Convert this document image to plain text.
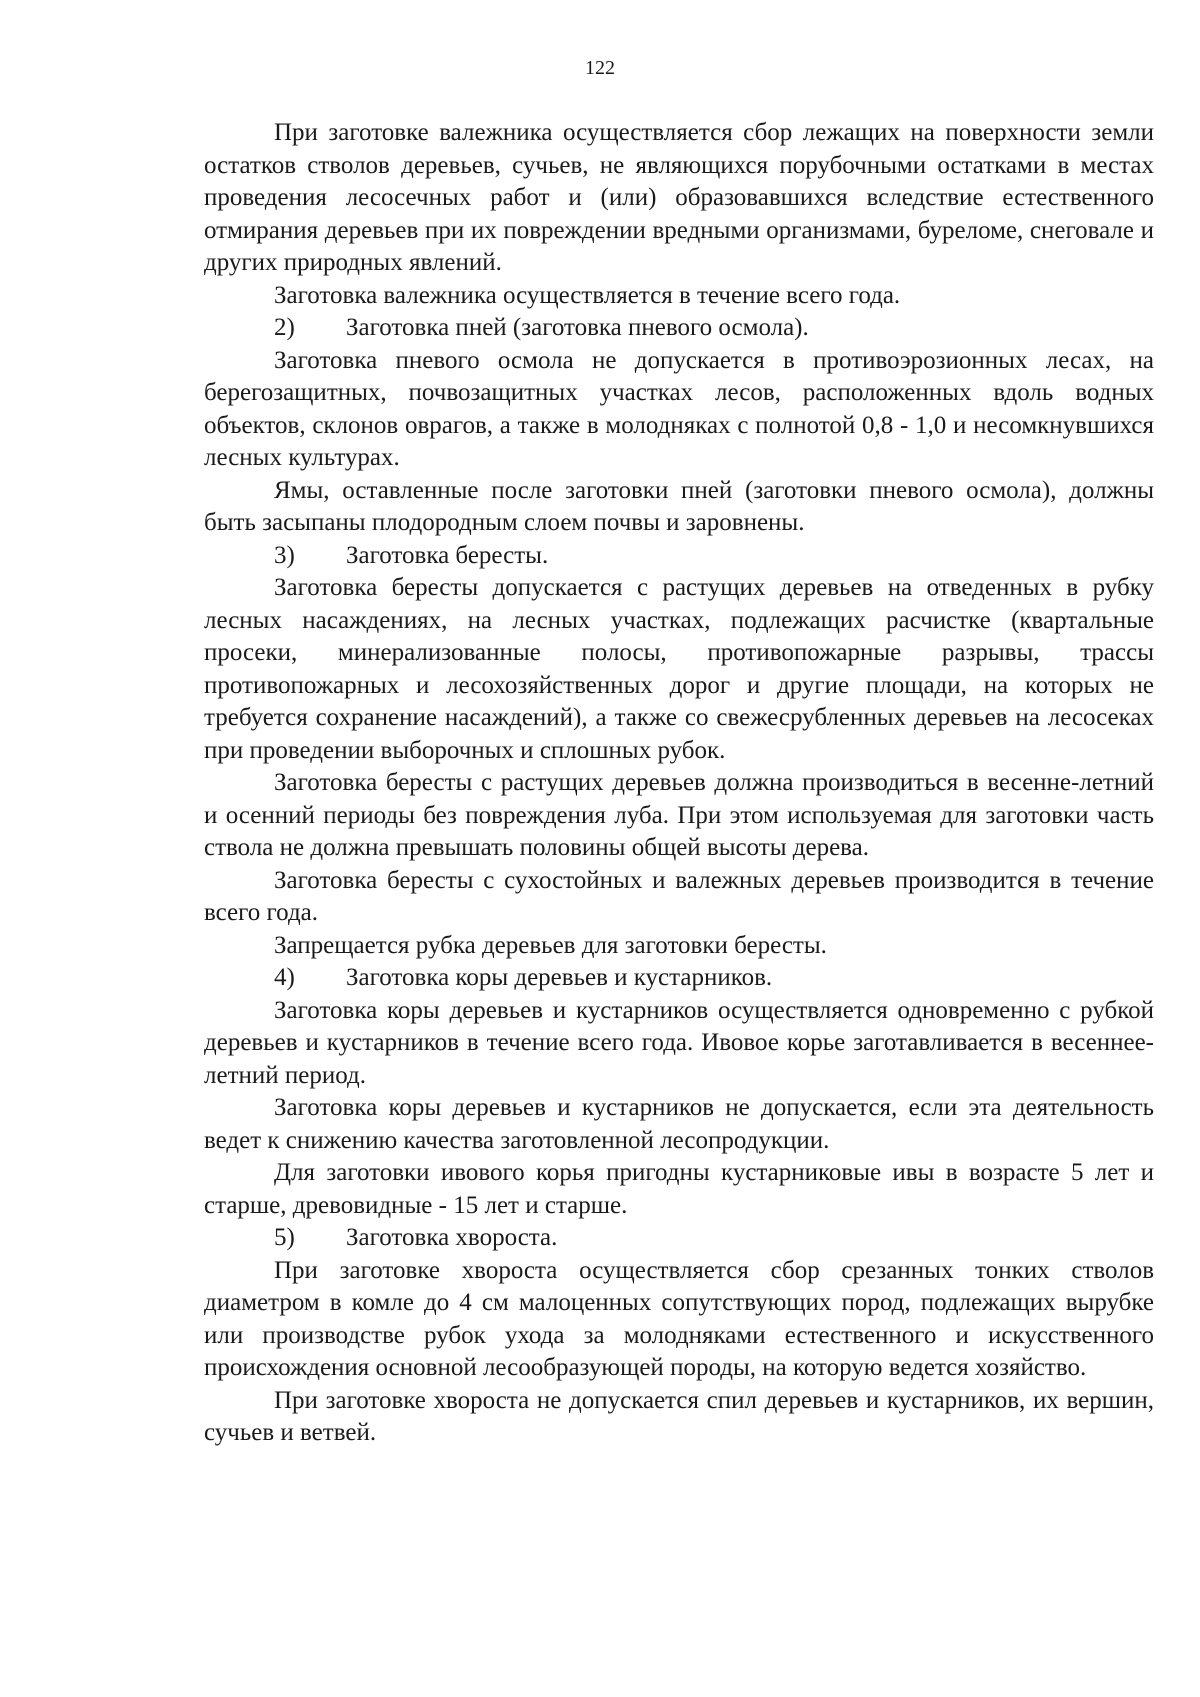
122

При заготовке валежника осуществляется сбор лежащих на поверхности земли остатков стволов деревьев, сучьев, не являющихся порубочными остатками в местах проведения лесосечных работ и (или) образовавшихся вследствие естественного отмирания деревьев при их повреждении вредными организмами, буреломе, снеговале и других природных явлений.

Заготовка валежника осуществляется в течение всего года.

2) Заготовка пней (заготовка пневого осмола).

Заготовка пневого осмола не допускается в противоэрозионных лесах, на берегозащитных, почвозащитных участках лесов, расположенных вдоль водных объектов, склонов оврагов, а также в молодняках с полнотой 0,8 - 1,0 и несомкнувшихся лесных культурах.

Ямы, оставленные после заготовки пней (заготовки пневого осмола), должны быть засыпаны плодородным слоем почвы и заровнены.

3) Заготовка бересты.

Заготовка бересты допускается с растущих деревьев на отведенных в рубку лесных насаждениях, на лесных участках, подлежащих расчистке (квартальные просеки, минерализованные полосы, противопожарные разрывы, трассы противопожарных и лесохозяйственных дорог и другие площади, на которых не требуется сохранение насаждений), а также со свежесрубленных деревьев на лесосеках при проведении выборочных и сплошных рубок.

Заготовка бересты с растущих деревьев должна производиться в весенне-летний и осенний периоды без повреждения луба. При этом используемая для заготовки часть ствола не должна превышать половины общей высоты дерева.

Заготовка бересты с сухостойных и валежных деревьев производится в течение всего года.

Запрещается рубка деревьев для заготовки бересты.

4) Заготовка коры деревьев и кустарников.

Заготовка коры деревьев и кустарников осуществляется одновременно с рубкой деревьев и кустарников в течение всего года. Ивовое корье заготавливается в весеннее-летний период.

Заготовка коры деревьев и кустарников не допускается, если эта деятельность ведет к снижению качества заготовленной лесопродукции.

Для заготовки ивового корья пригодны кустарниковые ивы в возрасте 5 лет и старше, древовидные - 15 лет и старше.

5) Заготовка хвороста.

При заготовке хвороста осуществляется сбор срезанных тонких стволов диаметром в комле до 4 см малоценных сопутствующих пород, подлежащих вырубке или производстве рубок ухода за молодняками естественного и искусственного происхождения основной лесообразующей породы, на которую ведется хозяйство.

При заготовке хвороста не допускается спил деревьев и кустарников, их вершин, сучьев и ветвей.
